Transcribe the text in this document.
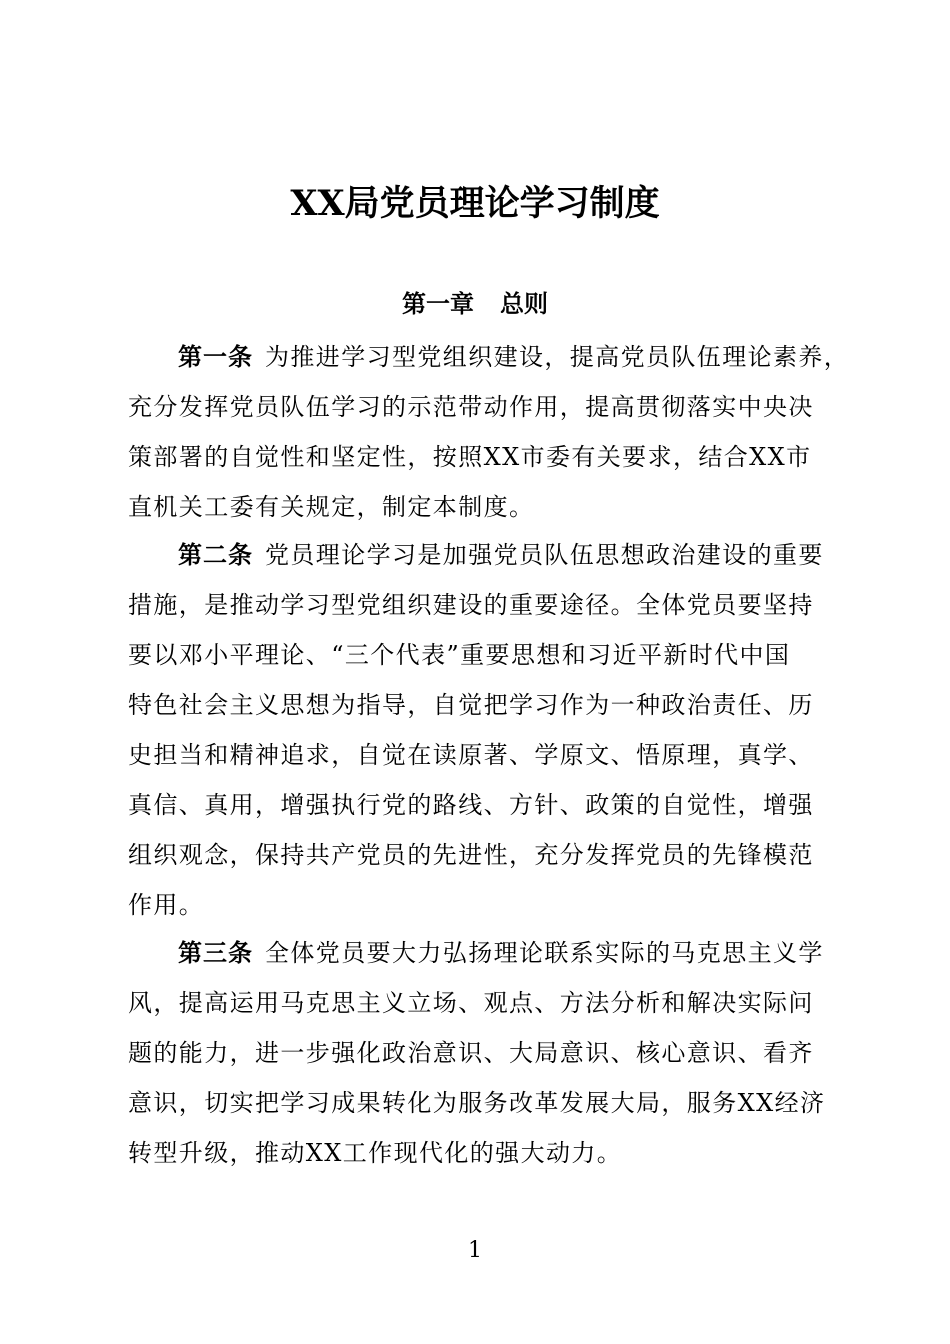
XX局党员理论学习制度
第一章 总则

第一条 为推进学习型党组织建设，提高党员队伍理论素养，
充分发挥党员队伍学习的示范带动作用，提高贯彻落实中央决
策部署的自觉性和坚定性，按照XX市委有关要求，结合XX市
直机关工委有关规定，制定本制度。

第二条 党员理论学习是加强党员队伍思想政治建设的重要
措施，是推动学习型党组织建设的重要途径。全体党员要坚持
要以邓小平理论、“三个代表”重要思想和习近平新时代中国
特色社会主义思想为指导，自觉把学习作为一种政治责任、历
史担当和精神追求，自觉在读原著、学原文、悟原理，真学、
真信、真用，增强执行党的路线、方针、政策的自觉性，增强
组织观念，保持共产党员的先进性，充分发挥党员的先锋模范
作用。

第三条 全体党员要大力弘扬理论联系实际的马克思主义学
风，提高运用马克思主义立场、观点、方法分析和解决实际问
题的能力，进一步强化政治意识、大局意识、核心意识、看齐
意识，切实把学习成果转化为服务改革发展大局，服务XX经济
转型升级，推动XX工作现代化的强大动力。

1
